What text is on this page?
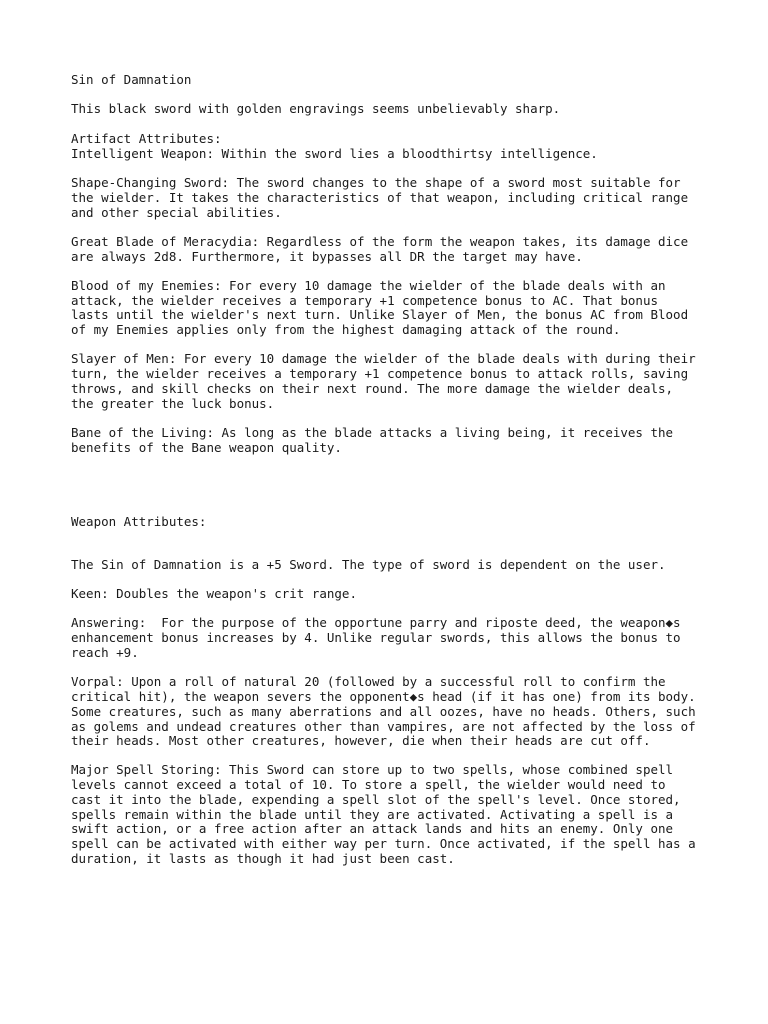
Sin of Damnation
This black sword with golden engravings seems unbelievably sharp.
Artifact Attributes:
Intelligent Weapon: Within the sword lies a bloodthirtsy intelligence.
Shape-Changing Sword: The sword changes to the shape of a sword most suitable for
the wielder. It takes the characteristics of that weapon, including critical range
and other special abilities.
Great Blade of Meracydia: Regardless of the form the weapon takes, its damage dice
are always 2d8. Furthermore, it bypasses all DR the target may have.
Blood of my Enemies: For every 10 damage the wielder of the blade deals with an
attack, the wielder receives a temporary +1 competence bonus to AC. That bonus
lasts until the wielder's next turn. Unlike Slayer of Men, the bonus AC from Blood
of my Enemies applies only from the highest damaging attack of the round.
Slayer of Men: For every 10 damage the wielder of the blade deals with during their
turn, the wielder receives a temporary +1 competence bonus to attack rolls, saving
throws, and skill checks on their next round. The more damage the wielder deals,
the greater the luck bonus.
Bane of the Living: As long as the blade attacks a living being, it receives the
benefits of the Bane weapon quality.
Weapon Attributes:
The Sin of Damnation is a +5 Sword. The type of sword is dependent on the user.
Keen: Doubles the weapon's crit range.
Answering:  For the purpose of the opportune parry and riposte deed, the weapon◆s
enhancement bonus increases by 4. Unlike regular swords, this allows the bonus to
reach +9.
Vorpal: Upon a roll of natural 20 (followed by a successful roll to confirm the
critical hit), the weapon severs the opponent◆s head (if it has one) from its body.
Some creatures, such as many aberrations and all oozes, have no heads. Others, such
as golems and undead creatures other than vampires, are not affected by the loss of
their heads. Most other creatures, however, die when their heads are cut off.
Major Spell Storing: This Sword can store up to two spells, whose combined spell
levels cannot exceed a total of 10. To store a spell, the wielder would need to
cast it into the blade, expending a spell slot of the spell's level. Once stored,
spells remain within the blade until they are activated. Activating a spell is a
swift action, or a free action after an attack lands and hits an enemy. Only one
spell can be activated with either way per turn. Once activated, if the spell has a
duration, it lasts as though it had just been cast.
